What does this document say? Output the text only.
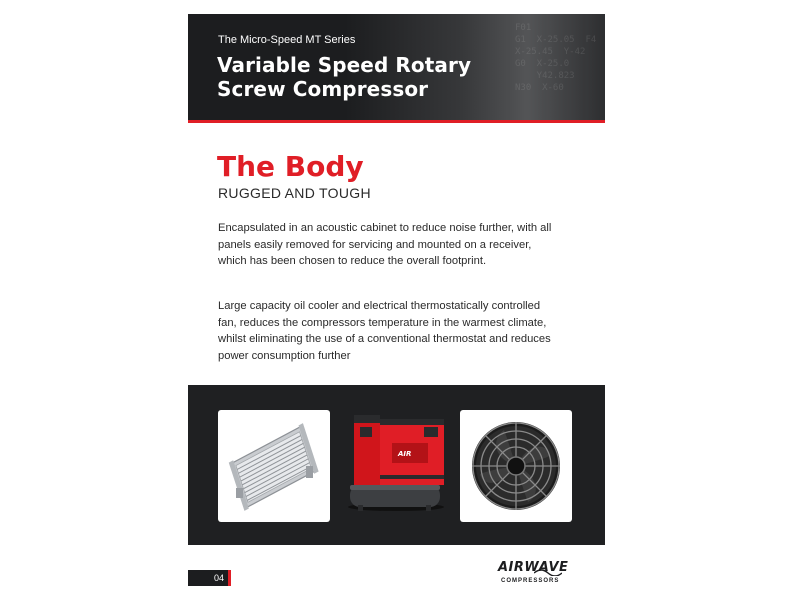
F01
G1  X-25.05  F4
X-25.45  Y-42
G0  X-25.0
Y42.823
N30  X-60
The Micro-Speed MT Series
Variable Speed Rotary
Screw Compressor
The Body
RUGGED AND TOUGH
Encapsulated in an acoustic cabinet to reduce noise further, with all panels easily removed for servicing and mounted on a receiver, which has been chosen to reduce the overall footprint.
Large capacity oil cooler and electrical thermostatically controlled fan, reduces the compressors temperature in the warmest climate, whilst eliminating the use of a conventional thermostat and reduces power consumption further
AIR
04
AIRWAVE
COMPRESSORS
